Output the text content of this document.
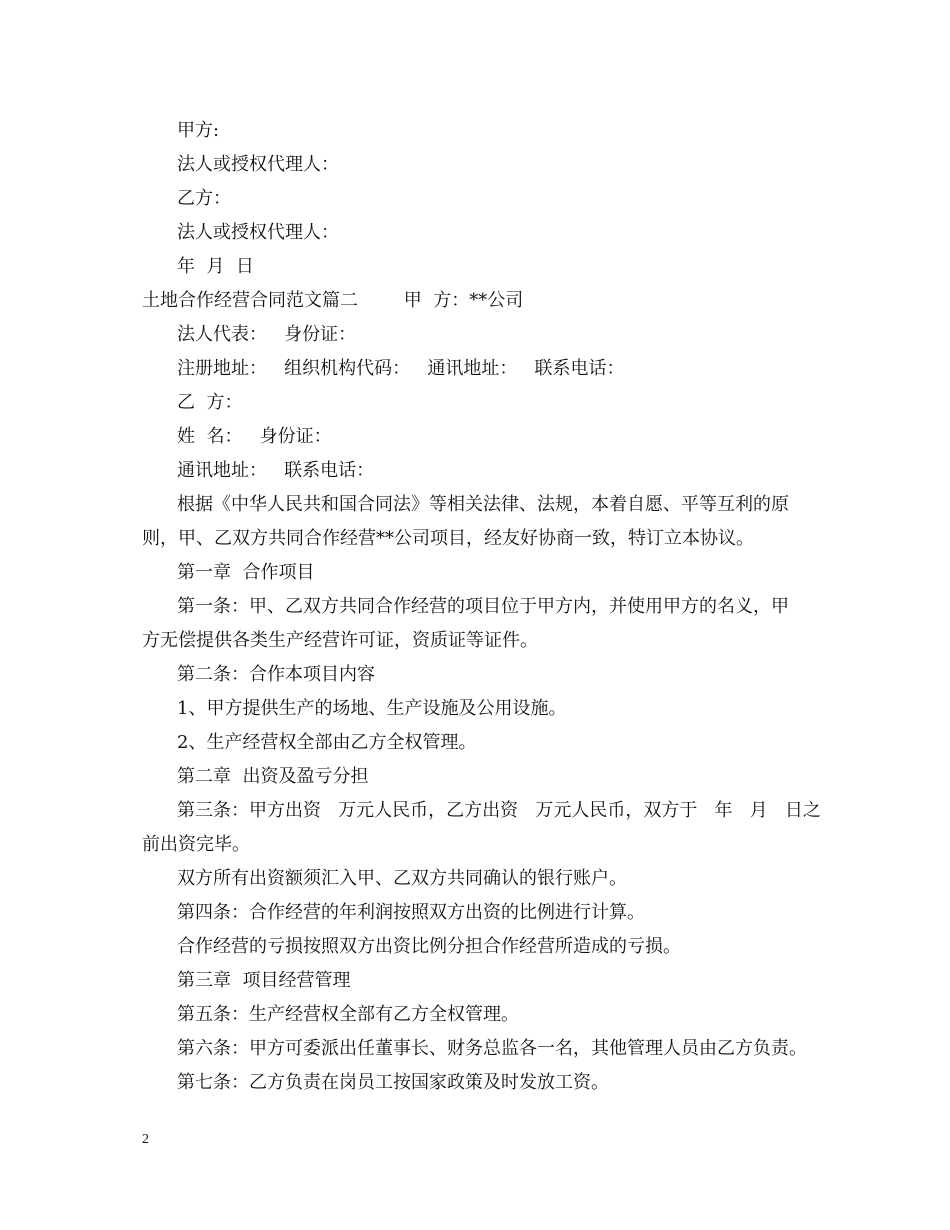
甲方:

法人或授权代理人：

乙方：

法人或授权代理人：

年  月  日

土地合作经营合同范文篇二        甲  方：**公司

法人代表：   身份证：

注册地址：   组织机构代码：   通讯地址：   联系电话：

乙  方：

姓  名：   身份证：

通讯地址：   联系电话：

根据《中华人民共和国合同法》等相关法律、法规，本着自愿、平等互利的原

则，甲、乙双方共同合作经营**公司项目，经友好协商一致，特订立本协议。

第一章  合作项目

第一条：甲、乙双方共同合作经营的项目位于甲方内，并使用甲方的名义，甲

方无偿提供各类生产经营许可证，资质证等证件。

第二条：合作本项目内容

1、甲方提供生产的场地、生产设施及公用设施。

2、生产经营权全部由乙方全权管理。

第二章  出资及盈亏分担

第三条：甲方出资   万元人民币，乙方出资   万元人民币，双方于   年   月   日之

前出资完毕。

双方所有出资额须汇入甲、乙双方共同确认的银行账户。

第四条：合作经营的年利润按照双方出资的比例进行计算。

合作经营的亏损按照双方出资比例分担合作经营所造成的亏损。

第三章  项目经营管理

第五条：生产经营权全部有乙方全权管理。

第六条：甲方可委派出任董事长、财务总监各一名，其他管理人员由乙方负责。

第七条：乙方负责在岗员工按国家政策及时发放工资。

2
